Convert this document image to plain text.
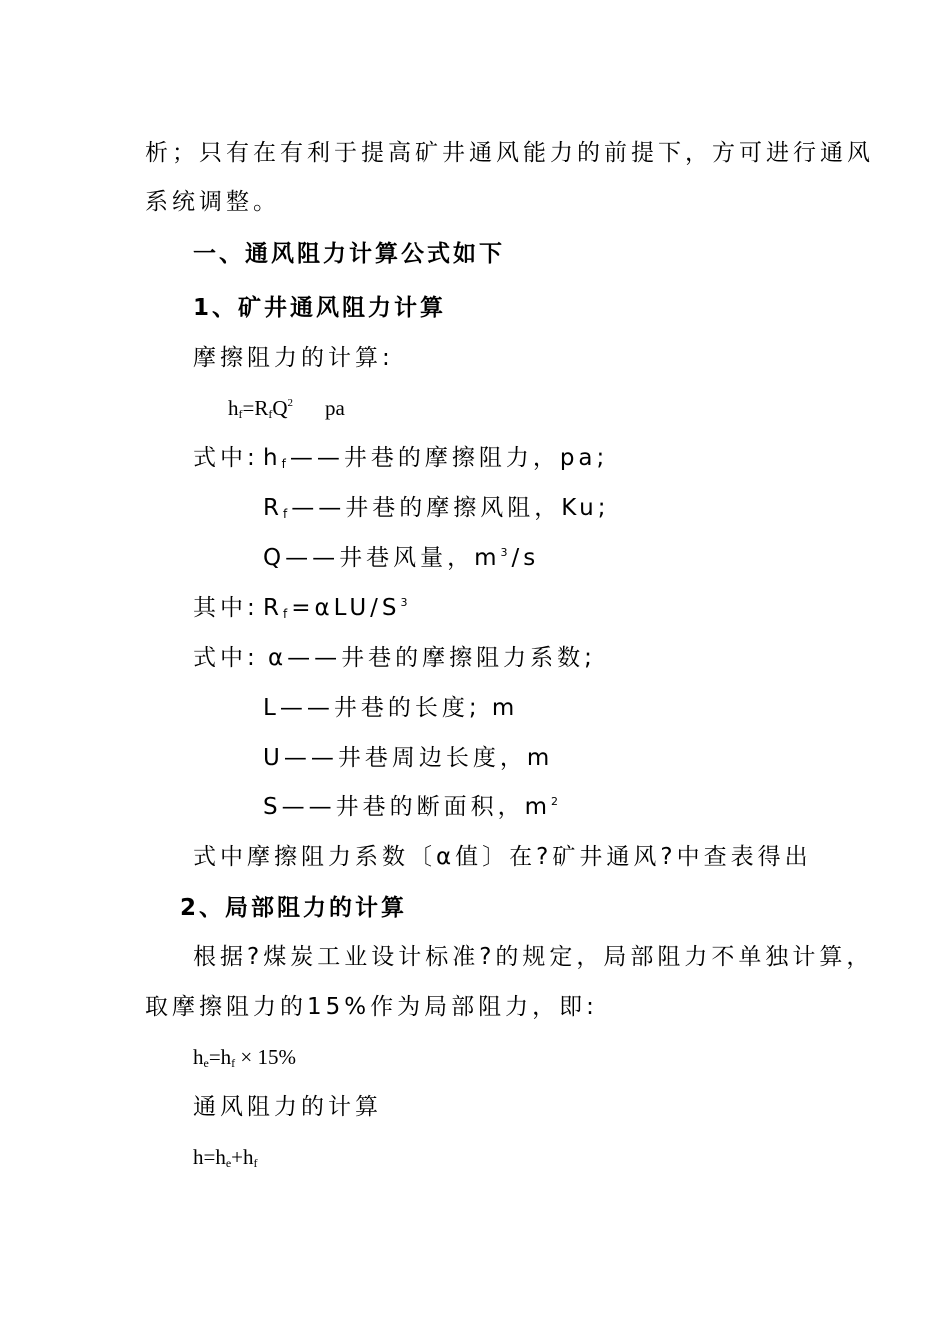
析；只有在有利于提高矿井通风能力的前提下，方可进行通风
系统调整。
一、通风阻力计算公式如下
1、矿井通风阻力计算
摩擦阻力的计算:
$h_f=R_fQ^2$ pa
式中: $h_f——$井巷的摩擦阻力，pa;
$R_f——$井巷的摩擦风阻，Ku;
Q——井巷风量，$m^3/s$
其中: $R_f=\alpha LU/S^3$
式中: α——井巷的摩擦阻力系数;
L——井巷的长度; m
U——井巷周边长度，m
S——井巷的断面积，$m^2$
式中摩擦阻力系数〔α值〕在?矿井通风?中查表得出
2、局部阻力的计算
根据?煤炭工业设计标准?的规定，局部阻力不单独计算，
取摩擦阻力的15%作为局部阻力，即:
$h_e=h_f \times 15\%$
通风阻力的计算
$h=h_e+h_f$
